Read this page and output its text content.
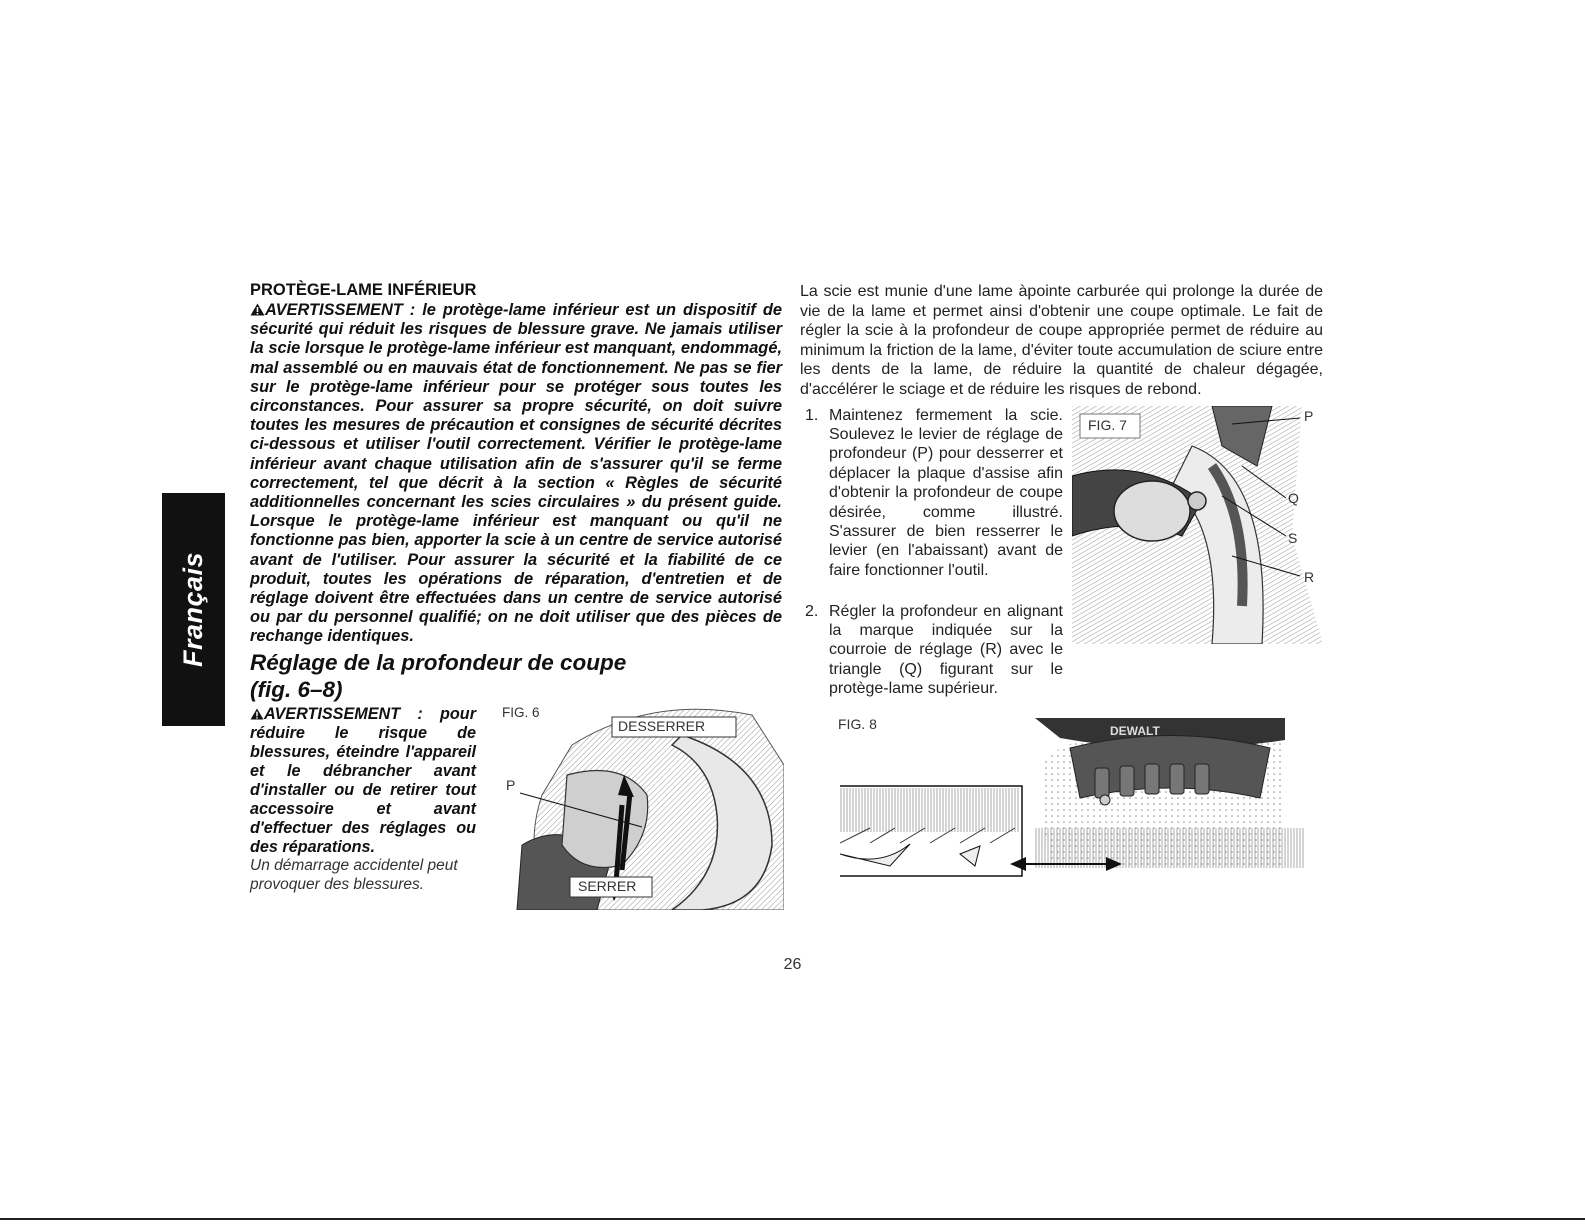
Français
PROTÈGE-LAME INFÉRIEUR

AVERTISSEMENT : le protège-lame inférieur est un dispositif de sécurité qui réduit les risques de blessure grave. Ne jamais utiliser la scie lorsque le protège-lame inférieur est manquant, endommagé, mal assemblé ou en mauvais état de fonctionnement. Ne pas se fier sur le protège-lame inférieur pour se protéger sous toutes les circonstances. Pour assurer sa propre sécurité, on doit suivre toutes les mesures de précaution et consignes de sécurité décrites ci-dessous et utiliser l'outil correctement. Vérifier le protège-lame inférieur avant chaque utilisation afin de s'assurer qu'il se ferme correctement, tel que décrit à la section « Règles de sécurité additionnelles concernant les scies circulaires » du présent guide. Lorsque le protège-lame inférieur est manquant ou qu'il ne fonctionne pas bien, apporter la scie à un centre de service autorisé avant de l'utiliser. Pour assurer la sécurité et la fiabilité de ce produit, toutes les opérations de réparation, d'entretien et de réglage doivent être effectuées dans un centre de service autorisé ou par du personnel qualifié; on ne doit utiliser que des pièces de rechange identiques.

Réglage de la profondeur de coupe
(fig. 6–8)
AVERTISSEMENT : pour réduire le risque de blessures, éteindre l'appareil et le débrancher avant d'installer ou de retirer tout accessoire et avant d'effectuer des réglages ou des réparations.
Un démarrage accidentel peut provoquer des blessures.
FIG. 6
DESSERRER
SERRER
P

La scie est munie d'une lame àpointe carburée qui prolonge la durée de vie de la lame et permet ainsi d'obtenir une coupe optimale. Le fait de régler la scie à la profondeur de coupe appropriée permet de réduire au minimum la friction de la lame, d'éviter toute accumulation de sciure entre les dents de la lame, de réduire la quantité de chaleur dégagée, d'accélérer le sciage et de réduire les risques de rebond.

1. Maintenez fermement la scie. Soulevez le levier de réglage de profondeur (P) pour desserrer et déplacer la plaque d'assise afin d'obtenir la profondeur de coupe désirée, comme illustré. S'assurer de bien resserrer le levier (en l'abaissant) avant de faire fonctionner l'outil.
2. Régler la profondeur en alignant la marque indiquée sur la courroie de réglage (R) avec le triangle (Q) figurant sur le protège-lame supérieur.
FIG. 7
P
Q
S
R
FIG. 8	DEWALT
26
